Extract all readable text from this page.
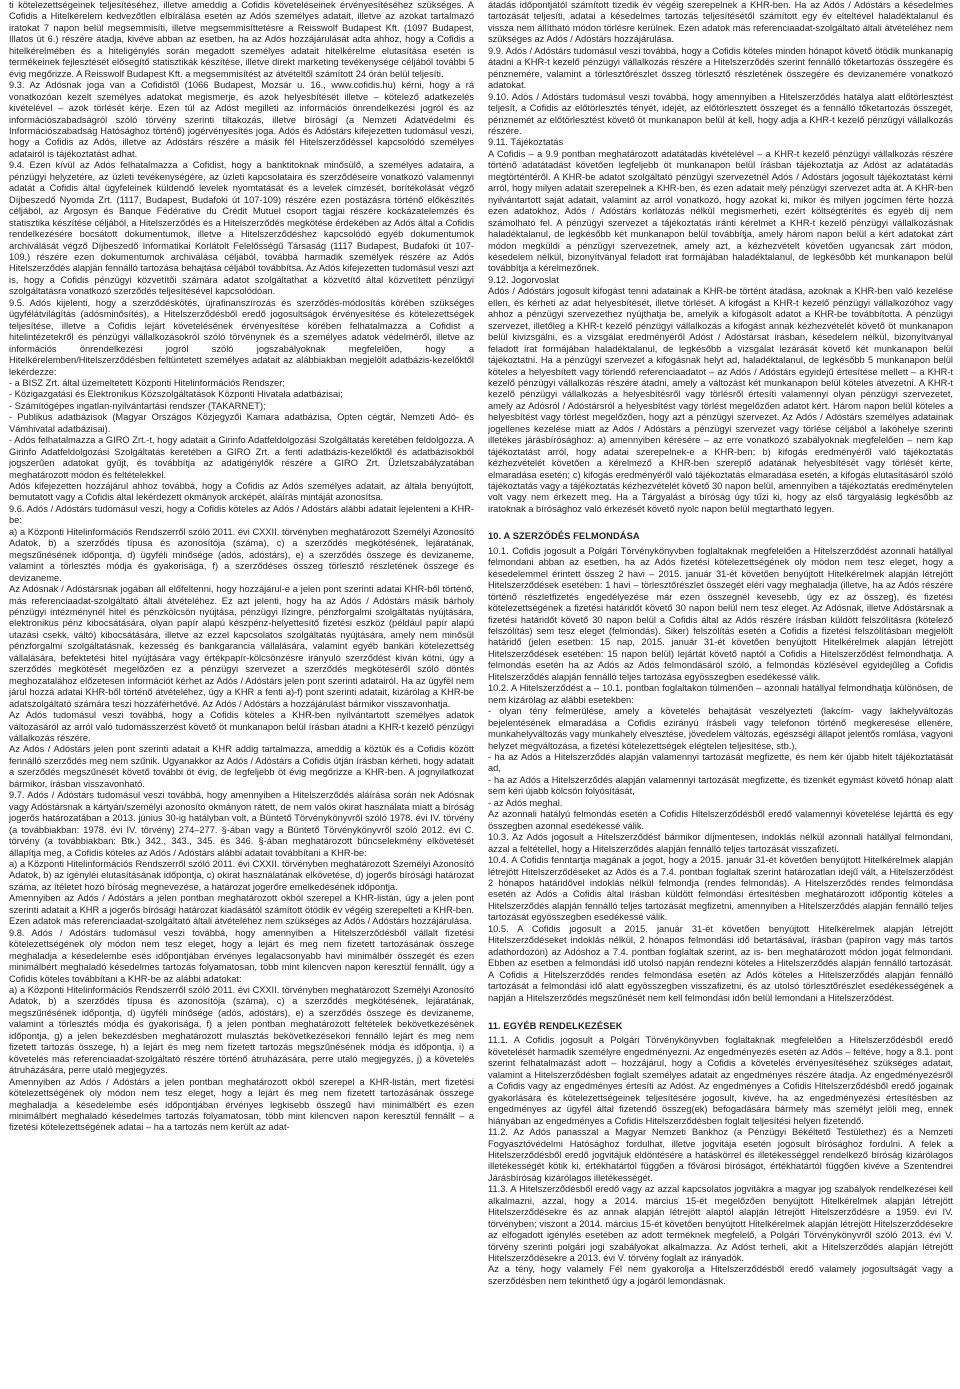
ti kötelezettségeinek teljesítéséhez, illetve ameddig a Cofidis követeléseinek érvényesítéséhez szükséges. A Cofidis a Hitelkérelem kedvezőtlen elbírálása esetén az Adós személyes adatait, illetve az azokat tartalmazó iratokat 7 napon belül megsemmisíti, illetve megsemmisíttetésre a Reisswolf Budapest Kft. (1097 Budapest, Illatos út 6.) részére átadja, kivéve abban az esetben, ha az Adós hozzájárulását adta ahhoz, hogy a Cofidis a hitelkérelmében és a hiteligénylés során megadott személyes adatait hitelkérelme elutasítása esetén is termékeinek fejlesztését elősegítő statisztikák készítése, illetve direkt marketing tevékenysége céljából további 5 évig megőrizze. A Reisswolf Budapest Kft. a megsemmisítést az átvételtől számított 24 órán belül teljesíti.

9.3. Az Adósnak joga van a Cofidistől (1066 Budapest, Mozsár u. 16., www.cofidis.hu) kérni, hogy a rá vonatkozóan kezelt személyes adatokat megismerje, és azok helyesbítését illetve – kötelező adatkezelés kivételével – azok törlését kérje. Ezen túl az Adóst megilleti az információs önrendelkezési jogról és az információszabadságról szóló törvény szerinti tiltakozás, illetve bírósági (a Nemzeti Adatvédelmi és Információszabadság Hatósághoz történő) jogérvényesítés joga. Adós és Adóstárs kifejezetten tudomásul veszi, hogy a Cofidis az Adós, illetve az Adóstárs részére a másik fél Hitelszerződéssel kapcsolódó személyes adatairól is tájékoztatást adhat.

9.4. Ezen kívül az Adós felhatalmazza a Cofidist, hogy a banktitoknak minősülő, a személyes adataira, a pénzügyi helyzetére, az üzleti tevékenységére, az üzleti kapcsolataira és szerződéseire vonatkozó valamennyi adatát a Cofidis által ügyfeleinek küldendő levelek nyomtatását és a levelek címzését, borítékolását végző Díjbeszedő Nyomda Zrt. (1117, Budapest, Budafoki út 107-109) részére ezen postázásra történő előkészítés céljából, az Argosyn és Banque Fédérative du Crédit Mutuel csoport tagjai részére kockázatelemzés és statisztika készítése céljából, a Hitelszerződés és a Hitelszerződés megkötése érdekében az Adós által a Cofidis rendelkezésére bocsátott dokumentumok, illetve a Hitelszerződéshez kapcsolódó egyéb dokumentumok archiválását végző Díjbeszedő Informatikai Korlátolt Felelősségű Társaság (1117 Budapest, Budafoki út 107-109.) részére ezen dokumentumok archiválása céljából, továbbá harmadik személyek részére az Adós Hitelszerződés alapján fennálló tartozása behajtása céljából továbbítsa. Az Adós kifejezetten tudomásul veszi azt is, hogy a Cofidis pénzügyi közvetítői számára adatot szolgáltathat a közvetítő által közvetített pénzügyi szolgáltatásra vonatkozó szerződés teljesítésével kapcsolódóan.

9.5. Adós kijelenti, hogy a szerződéskötés, újrafinanszírozás és szerződés-módosítás körében szükséges ügyfélátvilágítás (adósminősítés), a Hitelszerződésből eredő jogosultságok érvényesítése és kötelezettségek teljesítése, illetve a Cofidis lejárt követelésének érvényesítése körében felhatalmazza a Cofidist a hitelintézetekről és pénzügyi vállalkozásokról szóló törvénynek és a személyes adatok védelméről, illetve az információs önrendelkezési jogról szóló jogszabályoknak megfelelően, hogy a Hitelkérelemben/Hitelszerződésben feltüntetett személyes adatait az alábbiakban megjelölt adatbázis-kezelőktől lekérdezze:
- a BISZ Zrt. által üzemeltetett Központi Hitelinformációs Rendszer;
- Közigazgatási és Elektronikus Közszolgáltatások Központi Hivatala adatbázisai;
- Számítógépes ingatlan-nyilvántartási rendszer (TAKARNET);
- Publikus adatbázisok (Magyar Országos Közjegyzői Kamara adatbázisa, Opten cégtár, Nemzeti Adó- és Vámhivatal adatbázisai).
- Adós felhatalmazza a GIRO Zrt.-t, hogy adatait a Girinfo Adatfeldolgozási Szolgáltatás keretében feldolgozza. A Girinfo Adatfeldolgozási Szolgáltatás keretében a GIRO Zrt. a fenti adatbázis-kezelőktől és adatbázisokból jogszerűen adatokat gyűjt, és továbbítja az adatigénylők részére a GIRO Zrt. Üzletszabályzatában meghatározott módon és feltételekkel.
Adós kifejezetten hozzájárul ahhoz továbbá, hogy a Cofidis az Adós személyes adatait, az általa benyújtott, bemutatott vagy a Cofidis által lekérdezett okmányok arcképét, aláírás mintáját azonosítsa.

9.6. Adós / Adóstárs tudomásul veszi, hogy a Cofidis köteles az Adós / Adóstárs alábbi adatait lejelenteni a KHR-be:
a) a Központi Hitelinformációs Rendszerről szóló 2011. évi CXXII. törvényben meghatározott Személyi Azonosító Adatok, b) a szerződés típusa és azonosítója (száma), c) a szerződés megkötésének, lejáratának, megszűnésének időpontja, d) ügyféli minősége (adós, adóstárs), e) a szerződés összege és devizaneme, valamint a törlesztés módja és gyakorisága, f) a szerződéses összeg törlesztő részletének összege és devizaneme.
Az Adósnak / Adóstársnak jogában áll előfeltenni, hogy hozzájárul-e a jelen pont szerinti adatai KHR-ből történő, más referenciaadat-szolgáltató általi átvételéhez. Ez azt jelenti, hogy ha az Adós / Adóstárs másik bárholy pénzügyi intézménynél hitel és pénzkölcsön nyújtása, pénzügyi lízingre, pénzforgalmi szolgáltatás nyújtására, elektronikus pénz kibocsátására, olyan papír alapú készpénz-helyettesítő fizetési eszköz (például papír alapú utazási csekk, váltó) kibocsátására, illetve az ezzel kapcsolatos szolgáltatás nyújtására, amely nem minősül pénzforgalmi szolgáltatásnak, kezesség és bankgarancia vállalására, valamint egyéb bankári kötelezettség vállalására, befektetési hitel nyújtására vagy értékpapír-kölcsönzésre irányuló szerződést kíván kötni, úgy a szerződés megkötését megelőzően ez a pénzügyi szervezet a szerződés megkötéséről szóló döntés meghozatalához előzetesen információt kérhet az Adós / Adóstárs jelen pont szerinti adatairól. Ha az ügyfél nem járul hozzá adatai KHR-ből történő átvételéhez, úgy a KHR a fenti a)-f) pont szerinti adatait, kizárólag a KHR-be adatszolgáltató számára teszi hozzáférhetővé. Az Adós / Adóstárs a hozzájárulást bármikor visszavonhatja.
Az Adós tudomásul veszi továbbá, hogy a Cofidis köteles a KHR-ben nyilvántartott személyes adatok változásáról az arról való tudomásszerzést követő öt munkanapon belül írásban átadni a KHR-t kezelő pénzügyi vállalkozás részére.
Az Adós / Adóstárs jelen pont szerinti adatait a KHR addig tartalmazza, ameddig a köztük és a Cofidis között fennálló szerződés meg nem szűnik. Ugyanakkor az Adós / Adóstárs a Cofidis útján írásban kérheti, hogy adatait a szerződés megszűnését követő további öt évig, de legfeljebb öt évig megőrizze a KHR-ben. A jognyilatkozat bármikor, írásban visszavonható.

9.7. Adós / Adóstárs tudomásul veszi továbbá, hogy amennyiben a Hitelszerződés aláírása során nek Adósnak vagy Adóstársnak a kártyán/személyi azonosító okmányon rátett, de nem valós okirat használata miatt a bíróság jogerős határozatában a 2013. június 30-ig hatályban volt, a Büntető Törvénykönyvről szóló 1978. évi IV. törvény (a továbbiakban: 1978. évi IV. törvény) 274–277. §-ában vagy a Büntető Törvénykönyvről szóló 2012. évi C. törvény (a továbbiakban: Btk.) 342., 343., 345. és 346. §-ában meghatározott bűncselekmény elkövetését állapítja meg, a Cofidis köteles az Adós / Adóstárs alábbi adatait továbbítani a KHR-be:
a) a Központi Hitelinformációs Rendszerről szóló 2011. évi CXXII. törvényben meghatározott Személyi Azonosító Adatok, b) az igényléi elutasításának időpontja, c) okirat használatának elkövetése, d) jogerős bírósági határozat száma, az ítéletet hozó bíróság megnevezése, a határozat jogerőre emelkedésének időpontja.
Amennyiben az Adós / Adóstárs a jelen pontban meghatározott okból szerepel a KHR-listán, úgy a jelen pont szerinti adatait a KHR a jogerős bírósági határozat kiadásától számított ötödik év végéig szerepelteti a KHR-ben. Ezen adatok más referenciaadat-szolgáltató általi átvételéhez nem szükséges az Adós / Adóstárs hozzájárulása.

9.8. Adós / Adóstárs tudomásul veszi továbbá, hogy amennyiben a Hitelszerződésből vállalt fizetési kötelezettségének oly módon nem tesz eleget, hogy a lejárt és meg nem fizetett tartozásának összege meghaladja a késedelembe esés időpontjában érvényes legalacsonyabb havi minimálbér összegét és ezen minimálbért meghaladó késedelmes tartozás folyamatosan, több mint kilencven napon keresztül fennállt, úgy a Cofidis köteles továbbítani a KHR-be az alábbi adatokat:
a) a Központi Hitelinformációs Rendszerről szóló 2011. évi CXXII. törvényben meghatározott Személyi Azonosító Adatok, b) a szerződés típusa és azonosítója (száma), c) a szerződés megkötésének, lejáratának, megszűnésének időpontja, d) ügyféli minősége (adós, adóstárs), e) a szerződés összege és devizaneme, valamint a törlesztés módja és gyakorisága, f) a jelen pontban meghatározott feltételek bekövetkezésének időpontja, g) a jelen bekezdésben meghatározott mulasztás bekövetkezésekori fennálló lejárt és meg nem fizetett tartozás összege, h) a lejárt és meg nem fizetett tartozás megszűnésének módja és időpontja, i) a követelés más referenciaadat-szolgáltató részére történő átruházására, perre utaló megjegyzés, j) a követelés átruházására, perre utaló megjegyzés.
Amennyiben az Adós / Adóstárs a jelen pontban meghatározott okból szerepel a KHR-listán, mert fizetési kötelezettségének oly módon nem tesz eleget, hogy a lejárt és meg nem fizetett tartozásának összege meghaladja a késedelembe esés időpontjában érvényes legkisebb összegű havi minimálbért és ezen minimálbért meghaladó késedelmes tartozás folyamatosan, több mint kilencven napon keresztül fennállt – a fizetési kötelezettségének adatai – ha a tartozás nem került az adat-

átadás időpontjától számított tizedik év végéig szerepelnek a KHR-ben. Ha az Adós / Adóstárs a késedelmes tartozását teljesíti, adatai a késedelmes tartozás teljesítésétől számított egy év elteltével haladéktalanul és vissza nem állítható módon törlésre kerülnek. Ezen adatok más referenciaadat-szolgáltató általi átvételéhez nem szükséges az Adós / Adóstárs hozzájárulása.

9.9. Adós / Adóstárs tudomásul veszi továbbá, hogy a Cofidis köteles minden hónapot követő ötödik munkanapig átadni a KHR-t kezelő pénzügyi vállalkozás részére a Hitelszerződés szerint fennálló tőketartozás összegére és pénznemére, valamint a törlesztőrészlet összeg törlesztő részletének összegére és devizanemére vonatkozó adatokat.

9.10. Adós / Adóstárs tudomásul veszi továbbá, hogy amennyiben a Hitelszerződés hatálya alatt előtörlesztést teljesít, a Cofidis az előtörlesztés tényét, idejét, az előtörlesztett összeget és a fennálló tőketartozás összegét, pénznemét az előtörlesztést követő öt munkanapon belül át kell, hogy adja a KHR-t kezelő pénzügyi vállalkozás részére.

9.11. Tájékoztatás
A Cofidis – a 9.9 pontban meghatározott adatátadás kivételével – a KHR-t kezelő pénzügyi vállalkozás részére történő adatátadást követően legfeljebb öt munkanapon belül írásban tájékoztatja az Adóst az adatátadás megtörténtéről. A KHR-be adatot szolgáltató pénzügyi szervezetnél Adós / Adóstárs jogosult tájékoztatást kérni arról, hogy milyen adatait szerepelnek a KHR-ben, és ezen adatait mely pénzügyi szervezet adta át. A KHR-ben nyilvántartott saját adatait, valamint az arról vonatkozó, hogy azokat ki, mikor és milyen jogcímen férte hozzá ezen adatokhoz, Adós / Adóstárs korlátozás nélkül megismerheti, ezért költségtérítés és egyéb díj nem számolható fel. A pénzügyi szervezet a tájékoztatás iránti kérelmet a KHR-t kezelő pénzügyi vállalkozásnak haladéktalanul, de legkésőbb két munkanapon belül továbbítja, amely három napon belül a kért adatokat zárt módon megküldi a pénzügyi szervezetnek, amely azt, a kézhezvételt követően ugyancsak zárt módon, késedelem nélkül, bizonyítványal feladott irat formájában haladéktalanul, de legkésőbb két munkanapon belül továbbítja a kérelmezőnek.

9.12. Jogorvoslat
Adós / Adóstárs jogosult kifogást tenni adatainak a KHR-be történt átadása, azoknak a KHR-ben való kezelése ellen, és kérheti az adat helyesbítését, illetve törlését. A kifogást a KHR-t kezelő pénzügyi vállalkozóhoz vagy ahhoz a pénzügyi szervezethez nyújthatja be, amelyik a kifogásolt adatot a KHR-be továbbította. A pénzügyi szervezet, illetőleg a KHR-t kezelő pénzügyi vállalkozás a kifogást annak kézhezvételét követő öt munkanapon belül kivizsgálni, és a vizsgálat eredményéről Adóst / Adóstársat írásban, késedelem nélkül, bizonyítványal feladott irat formájában haladéktalanul, de legkésőbb a vizsgálat lezárását követő két munkanapon belül tájékoztatni. Ha a pénzügyi szervezet a kifogásnak helyt ad, haladéktalanul, de legkésőbb 5 munkanapon belül köteles a helyesbített vagy törlendő referenciaadatot – az Adós / Adóstárs egyidejű értesítése mellett – a KHR-t kezelő pénzügyi vállalkozás részére átadni, amely a változást két munkanapon belül köteles átvezetni. A KHR-t kezelő pénzügyi vállalkozás a helyesbítésről vagy törlésről értesíti valamennyi olyan pénzügyi szervezetet, amely az Adósról / Adóstársról a helyesbítést vagy törlést megelőzően adatot kért. Három napon belül köteles a helyesbítést vagy törlést megelőzően, hogy azt a pénzügyi szervezet. Az Adós / Adóstárs személyes adatainak jogellenes kezelése miatt az Adós / Adóstárs a pénzügyi szervezet vagy törlése céljából a lakóhelye szerinti illetékes járásbírósághoz: a) amennyiben kérésére – az erre vonatkozó szabályoknak megfelelően – nem kap tájékoztatást arról, hogy adatai szerepelnek-e a KHR-ben; b) kifogás eredményéről való tájékoztatás kézhezvételét követően a kérelmező a KHR-ben szereplő adatának helyesbítését vagy törlését kérte, elmaradása esetén; c) kifogás eredményéről való tájékoztatás elmaradása esetén, a kifogás elutasításáról szóló tájékoztatás vagy a tájékoztatás kézhezvételét követő 30 napon belül, amennyiben a tájékoztatás eredménytelen volt vagy nem érkezett meg. Ha a Tárgyalást a bíróság úgy tűzi ki, hogy az első tárgyalásig legkésőbb az iratoknak a bírósághoz való érkezését követő nyolc napon belül megtartható legyen.

10. A SZERZŐDÉS FELMONDÁSA

10.1. Cofidis jogosult a Polgári Törvénykönyvben foglaltaknak megfelelően a Hitelszerződést azonnali hatállyal felmondani abban az esetben, ha az Adós fizetési kötelezettségének oly módon nem tesz eleget, hogy a késedelemmel érintett összeg 2 havi – 2015. január 31-ét követően benyújtott Hitelkérelmek alapján létrejött Hitelszerződések esetében: 1 havi – törlesztőrészlet összegét eléri vagy meghaladja (illetve, ha az Adós részére történő részletfizetés engedélyezése már ezen összegnél kevesebb, úgy ez az összeg), és fizetési kötelezettségének a fizetési határidőt követő 30 napon belül nem tesz eleget. Az Adósnak, illetve Adóstársnak a fizetési határidőt követő 30 napon belül a Cofidis által az Adós részére írásban küldött felszólításra (kötelező felszólítás) sem tesz eleget (felmondás). Siker) felszólítás esetén a Cofidis a fizetési felszólításban megjelölt határidő (jelen esetben: 15 nap, 2015. január 31-ét követően benyújtott Hitelkérelmek alapján létrejött Hitelszerződések esetében: 15 napon belül) lejártát követő naptól a Cofidis a Hitelszerződést felmondhatja. A felmondás esetén ha az Adós az Adós felmondásáról szóló, a felmondás közlésével egyidejűleg a Cofidis Hitelszerződés alapján fennálló teljes tartozása egyösszegben esedékessé válik.

10.2. A Hitelszerződést a – 10.1. pontban foglaltakon túlmenően – azonnali hatállyal felmondhatja különösen, de nem kizárólag az alábbi esetekben:
- olyan tény felmerülése, amely a követelés behajtását veszélyezteti (lakcím- vagy lakhelyváltozás bejelentésének elmaradása a Cofidis ezirányú írásbeli vagy telefonon történő megkeresése ellenére, munkahelyváltozás vagy munkahely elvesztése, jövedelem változás, egészségi állapot jelentős romlása, vagyoni helyzet megváltozása, a fizetési kötelezettségek elégtelen teljesítése, stb.),
- ha az Adós a Hitelszerződés alapján valamennyi tartozását megfizette, és nem kér újabb hitelt tájékoztatását ad,
- ha az Adós a Hitelszerződés alapján valamennyi tartozását megfizette, és tizenkét egymást követő hónap alatt sem kéri újabb kölcsön folyósítását,
- az Adós meghal.
Az azonnali hatályú felmondás esetén a Cofidis Hitelszerződésből eredő valamennyi követelése lejárttá és egy összegben azonnal esedékessé válik.

10.3. Az Adós jogosult a Hitelszerződést bármikor díjmentesen, indoklás nélkül azonnali hatállyal felmondani, azzal a feltétellel, hogy a Hitelszerződés alapján fennálló teljes tartozását visszafizeti.

10.4. A Cofidis fenntartja magának a jogot, hogy a 2015. január 31-ét követően benyújtott Hitelkérelmek alapján létrejött Hitelszerződéseket az Adós és a 7.4. pontban foglaltak szerint határozatlan idejű vált, a Hitelszerződést 2 hónapos határidővel indoklás nélkül felmondja (rendes felmondás). A Hitelszerződés rendes felmondása esetén az Adós a Cofidis által írásban küldött felmondási értesítésben meghatározott időpontig köteles a Hitelszerződés alapján fennálló teljes tartozását megfizetni, amennyiben a Hitelszerződés alapján fennálló teljes tartozását egyösszegben esedékessé válik.

10.5. A Cofidis jogosult a 2015. január 31-ét követően benyújtott Hitelkérelmek alapján létrejött Hitelszerződéseket indoklás nélkül, 2 hónapos felmondási idő betartásával, írásban (papíron vagy más tartós adathordozón) az Adóshoz a 7.4. pontban foglaltak szerint, az is- ben meghatározott módon jogát felmondani. Ebben az esetben a felmondási idő utolsó napján rendezni köteles a Hitelszerződés alapján fennálló tartozását. A Cofidis a Hitelszerződés rendes felmondása esetén az Adós köteles a Hitelszerződés alapján fennálló tartozását a felmondási idő alatt egyösszegben visszafizetni, és az utolsó törlesztőrészlet esedékességének a napján a Hitelszerződés megszűnését nem kell felmondási időn belül lemondani a Hitelszerződést.

11. EGYÉB RENDELKEZÉSEK

11.1. A Cofidis jogosult a Polgári Törvénykönyvben foglaltaknak megfelelően a Hitelszerződésből eredő követelését harmadik személyre engedményezni. Az engedményezés esetén az Adós – feltéve, hogy a 8.1. pont szerint felhatalmazást adott – hozzájárul, hogy a Cofidis a követelés érvényesítéséhez szükséges adatait, valamint a Hitelszerződésben foglalt személyes adatait az engedményes részére átadja. Az engedményezésről a Cofidis vagy az engedményes értesíti az Adóst. Az engedményes a Cofidis Hitelszerződésből eredő jogainak gyakorlására és kötelezettségeinek teljesítésére jogosult, kivéve, ha az engedményezési értesítésben az engedményes az ügyfél által fizetendő összeg(ek) befogadására bármely más személyt jelöli meg, ennek hiányában az engedményes a Cofidis Hitelszerződésben foglalt teljesítési helyen fizetendő.

11.2. Az Adós panasszal a Magyar Nemzeti Bankhoz (a Pénzügyi Békéltető Testülethez) és a Nemzeti Fogyasztóvédelmi Hatósághoz fordulhat, illetve jogvitája esetén jogosult bírósághoz fordulni. A felek a Hitelszerződésből eredő jogvitájuk eldöntésére a hatáskörrel és illetékességgel rendelkező bíróság kizárólagos illetékességét kötik ki, értékhatártól függően a fővárosi bíróságot, értékhatártól függően kivéve a Szentendrei Járásbíróság kizárólagos illetékességét.

11.3. A Hitelszerződésből eredő vagy az azzal kapcsolatos jogvitákra a magyar jog szabályok rendelkezései kell alkalmazni, azzal, hogy a 2014. március 15-ét megelőzően benyújtott Hitelkérelmek alapján létrejött Hitelszerződésekre és az annak alapján létrejött alaptól alapján létrejött Hitelszerződésre a 1959. évi IV. törvényben; viszont a 2014. március 15-ét követően benyújtott Hitelkérelmek alapján létrejött Hitelszerződésekre az elfogadott igénylés esetében az adott terméknek megfelelő, a Polgári Törvénykönyvről szóló 2013. évi V. törvény szerinti polgári jogi szabályokat alkalmazza. Az Adóst terheli, akit a Hitelszerződés alapján létrejött Hitelszerződésekre a 2013. évi V. törvény foglalt az irányadók.

Az a tény, hogy valamely Fél nem gyakorolja a Hitelszerződésből eredő valamely jogosultságát vagy a szerződésben nem tekinthető úgy a jogáról lemondásnak.
